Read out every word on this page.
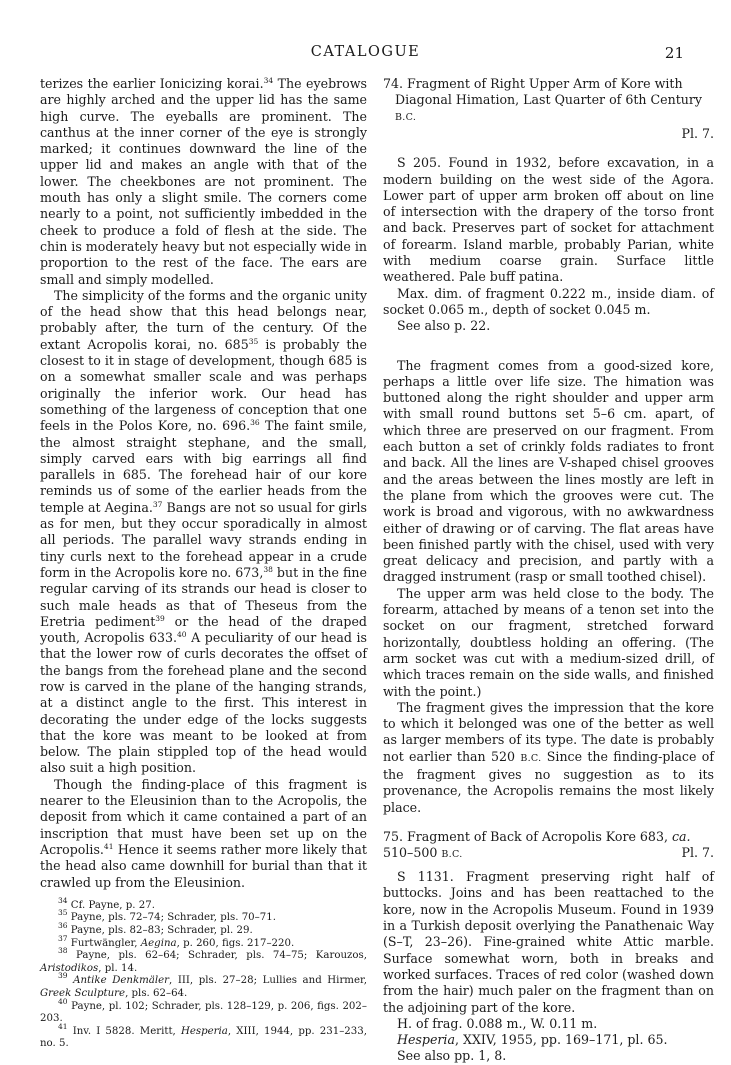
CATALOGUE	21

terizes the earlier Ionicizing korai.$^{34}$ The eyebrows are highly arched and the upper lid has the same high curve. The eyeballs are prominent. The canthus at the inner corner of the eye is strongly marked; it continues downward the line of the upper lid and makes an angle with that of the lower. The cheekbones are not prominent. The mouth has only a slight smile. The corners come nearly to a point, not sufficiently imbedded in the cheek to produce a fold of flesh at the side. The chin is moderately heavy but not especially wide in proportion to the rest of the face. The ears are small and simply modelled.

The simplicity of the forms and the organic unity of the head show that this head belongs near, probably after, the turn of the century. Of the extant Acropolis korai, no. $685^{35}$ is probably the closest to it in stage of development, though 685 is on a somewhat smaller scale and was perhaps originally the inferior work. Our head has something of the largeness of conception that one feels in the Polos Kore, no. 696.36 The faint smile, the almost straight stephane, and the small, simply carved ears with big earrings all find parallels in 685. The forehead hair of our kore reminds us of some of the earlier heads from the temple at Aegina.$^{37}$ Bangs are not so usual for girls as for men, but they occur sporadically in almost all periods. The parallel wavy strands ending in tiny curls next to the forehead appear in a crude form in the Acropolis kore no. 673,38 but in the fine regular carving of its strands our head is closer to such male heads as that of Theseus from the Eretria pediment$^{39}$ or the head of the draped youth, Acropolis 633.40 A peculiarity of our head is that the lower row of curls decorates the offset of the bangs from the forehead plane and the second row is carved in the plane of the hanging strands, at a distinct angle to the first. This interest in decorating the under edge of the locks suggests that the kore was meant to be looked at from below. The plain stippled top of the head would also suit a high position.

Though the finding-place of this fragment is nearer to the Eleusinion than to the Acropolis, the deposit from which it came contained a part of an inscription that must have been set up on the Acropolis.$^{41}$ Hence it seems rather more likely that the head also came downhill for burial than that it crawled up from the Eleusinion.

$^{34}$ Cf. Payne, p. 27.

$^{35}$ Payne, pls. 72–74; Schrader, pls. 70–71.

$^{36}$ Payne, pls. 82–83; Schrader, pl. 29.

$^{37}$ Furtwängler, Aegina, p. 260, figs. 217–220.

$^{38}$ Payne, pls. 62–64; Schrader, pls. 74–75; Karouzos, Aristodikos, pl. 14.

$^{39}$ Antike Denkmäler, III, pls. 27–28; Lullies and Hirmer, Greek Sculpture, pls. 62–64.

$^{40}$ Payne, pl. 102; Schrader, pls. 128–129, p. 206, figs. 202–203.

$^{41}$ Inv. I 5828. Meritt, Hesperia, XIII, 1944, pp. 231–233, no. 5.

74. Fragment of Right Upper Arm of Kore with Diagonal Himation, Last Quarter of 6th Century B.C.

Pl. 7.

S 205. Found in 1932, before excavation, in a modern building on the west side of the Agora. Lower part of upper arm broken off about on line of intersection with the drapery of the torso front and back. Preserves part of socket for attachment of forearm. Island marble, probably Parian, white with medium coarse grain. Surface little weathered. Pale buff patina.

Max. dim. of fragment 0.222 m., inside diam. of socket 0.065 m., depth of socket 0.045 m.

See also p. 22.

The fragment comes from a good-sized kore, perhaps a little over life size. The himation was buttoned along the right shoulder and upper arm with small round buttons set 5–6 cm. apart, of which three are preserved on our fragment. From each button a set of crinkly folds radiates to front and back. All the lines are V-shaped chisel grooves and the areas between the lines mostly are left in the plane from which the grooves were cut. The work is broad and vigorous, with no awkwardness either of drawing or of carving. The flat areas have been finished partly with the chisel, used with very great delicacy and precision, and partly with a dragged instrument (rasp or small toothed chisel).

The upper arm was held close to the body. The forearm, attached by means of a tenon set into the socket on our fragment, stretched forward horizontally, doubtless holding an offering. (The arm socket was cut with a medium-sized drill, of which traces remain on the side walls, and finished with the point.)

The fragment gives the impression that the kore to which it belonged was one of the better as well as larger members of its type. The date is probably not earlier than 520 B.C. Since the finding-place of the fragment gives no suggestion as to its provenance, the Acropolis remains the most likely place.

75. Fragment of Back of Acropolis Kore 683, ca.

510–500 B.C.	Pl. 7.

S 1131. Fragment preserving right half of buttocks. Joins and has been reattached to the kore, now in the Acropolis Museum. Found in 1939 in a Turkish deposit overlying the Panathenaic Way (S–T, 23–26). Fine-grained white Attic marble. Surface somewhat worn, both in breaks and worked surfaces. Traces of red color (washed down from the hair) much paler on the fragment than on the adjoining part of the kore.

H. of frag. 0.088 m., W. 0.11 m.

Hesperia, XXIV, 1955, pp. 169–171, pl. 65.

See also pp. 1, 8.
